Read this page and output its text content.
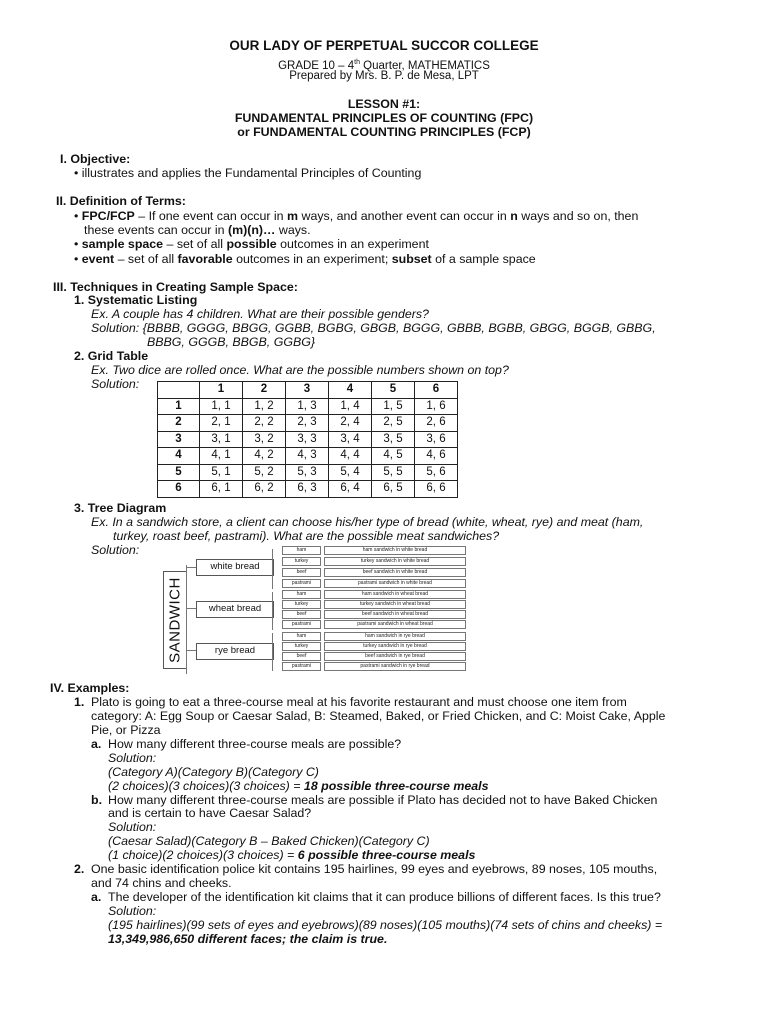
OUR LADY OF PERPETUAL SUCCOR COLLEGE
GRADE 10 – 4th Quarter, MATHEMATICS
Prepared by Mrs. B. P. de Mesa, LPT
LESSON #1:
FUNDAMENTAL PRINCIPLES OF COUNTING (FPC)
or FUNDAMENTAL COUNTING PRINCIPLES (FCP)
I. Objective:
• illustrates and applies the Fundamental Principles of Counting
II. Definition of Terms:
• FPC/FCP – If one event can occur in m ways, and another event can occur in n ways and so on, then
these events can occur in (m)(n)… ways.
• sample space – set of all possible outcomes in an experiment
• event – set of all favorable outcomes in an experiment; subset of a sample space
III. Techniques in Creating Sample Space:
1. Systematic Listing
Ex. A couple has 4 children. What are their possible genders?
Solution: {BBBB, GGGG, BBGG, GGBB, BGBG, GBGB, BGGG, GBBB, BGBB, GBGG, BGGB, GBBG,
BBBG, GGGB, BBGB, GGBG}
2. Grid Table
Ex. Two dice are rolled once. What are the possible numbers shown on top?
Solution:
		1	2	3	4	5	6
1	1, 1	1, 2	1, 3	1, 4	1, 5	1, 6
2	2, 1	2, 2	2, 3	2, 4	2, 5	2, 6
3	3, 1	3, 2	3, 3	3, 4	3, 5	3, 6
4	4, 1	4, 2	4, 3	4, 4	4, 5	4, 6
5	5, 1	5, 2	5, 3	5, 4	5, 5	5, 6
6	6, 1	6, 2	6, 3	6, 4	6, 5	6, 6
3. Tree Diagram
Ex. In a sandwich store, a client can choose his/her type of bread (white, wheat, rye) and meat (ham,
turkey, roast beef, pastrami). What are the possible meat sandwiches?
Solution:
SANDWICH
white bread
ham	ham sandwich in white bread
turkey	turkey sandwich in white bread
beef	beef sandwich in white bread
pastrami	pastrami sandwich in white bread
wheat bread
ham	ham sandwich in wheat bread
turkey	turkey sandwich in wheat bread
beef	beef sandwich in wheat bread
pastrami	pastrami sandwich in wheat bread
rye bread
ham	ham sandwich in rye bread
turkey	turkey sandwich in rye bread
beef	beef sandwich in rye bread
pastrami	pastrami sandwich in rye bread
IV. Examples:
1. Plato is going to eat a three-course meal at his favorite restaurant and must choose one item from
category: A: Egg Soup or Caesar Salad, B: Steamed, Baked, or Fried Chicken, and C: Moist Cake, Apple
Pie, or Pizza
a. How many different three-course meals are possible?
Solution:
(Category A)(Category B)(Category C)
(2 choices)(3 choices)(3 choices) = 18 possible three-course meals
b. How many different three-course meals are possible if Plato has decided not to have Baked Chicken
and is certain to have Caesar Salad?
Solution:
(Caesar Salad)(Category B – Baked Chicken)(Category C)
(1 choice)(2 choices)(3 choices) = 6 possible three-course meals
2. One basic identification police kit contains 195 hairlines, 99 eyes and eyebrows, 89 noses, 105 mouths,
and 74 chins and cheeks.
a. The developer of the identification kit claims that it can produce billions of different faces. Is this true?
Solution:
(195 hairlines)(99 sets of eyes and eyebrows)(89 noses)(105 mouths)(74 sets of chins and cheeks) =
13,349,986,650 different faces; the claim is true.
